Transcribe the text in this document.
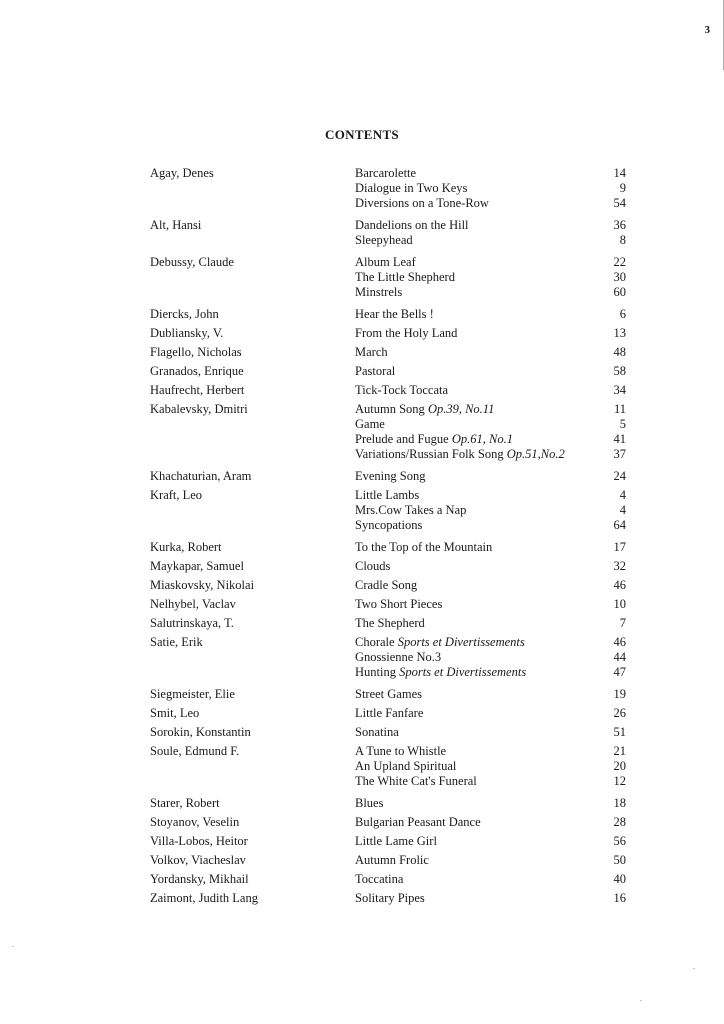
3
CONTENTS
Agay, Denes	Barcarolette	14
Dialogue in Two Keys	9
Diversions on a Tone-Row	54
Alt, Hansi	Dandelions on the Hill	36
Sleepyhead	8
Debussy, Claude	Album Leaf	22
The Little Shepherd	30
Minstrels	60
Diercks, John	Hear the Bells !	6
Dubliansky, V.	From the Holy Land	13
Flagello, Nicholas	March	48
Granados, Enrique	Pastoral	58
Haufrecht, Herbert	Tick-Tock Toccata	34
Kabalevsky, Dmitri	Autumn Song Op.39, No.11	11
Game	5
Prelude and Fugue Op.61, No.1	41
Variations/Russian Folk Song Op.51,No.2	37
Khachaturian, Aram	Evening Song	24
Kraft, Leo	Little Lambs	4
Mrs.Cow Takes a Nap	4
Syncopations	64
Kurka, Robert	To the Top of the Mountain	17
Maykapar, Samuel	Clouds	32
Miaskovsky, Nikolai	Cradle Song	46
Nelhybel, Vaclav	Two Short Pieces	10
Salutrinskaya, T.	The Shepherd	7
Satie, Erik	Chorale Sports et Divertissements	46
Gnossienne No.3	44
Hunting Sports et Divertissements	47
Siegmeister, Elie	Street Games	19
Smit, Leo	Little Fanfare	26
Sorokin, Konstantin	Sonatina	51
Soule, Edmund F.	A Tune to Whistle	21
An Upland Spiritual	20
The White Cat's Funeral	12
Starer, Robert	Blues	18
Stoyanov, Veselin	Bulgarian Peasant Dance	28
Villa-Lobos, Heitor	Little Lame Girl	56
Volkov, Viacheslav	Autumn Frolic	50
Yordansky, Mikhail	Toccatina	40
Zaimont, Judith Lang	Solitary Pipes	16
